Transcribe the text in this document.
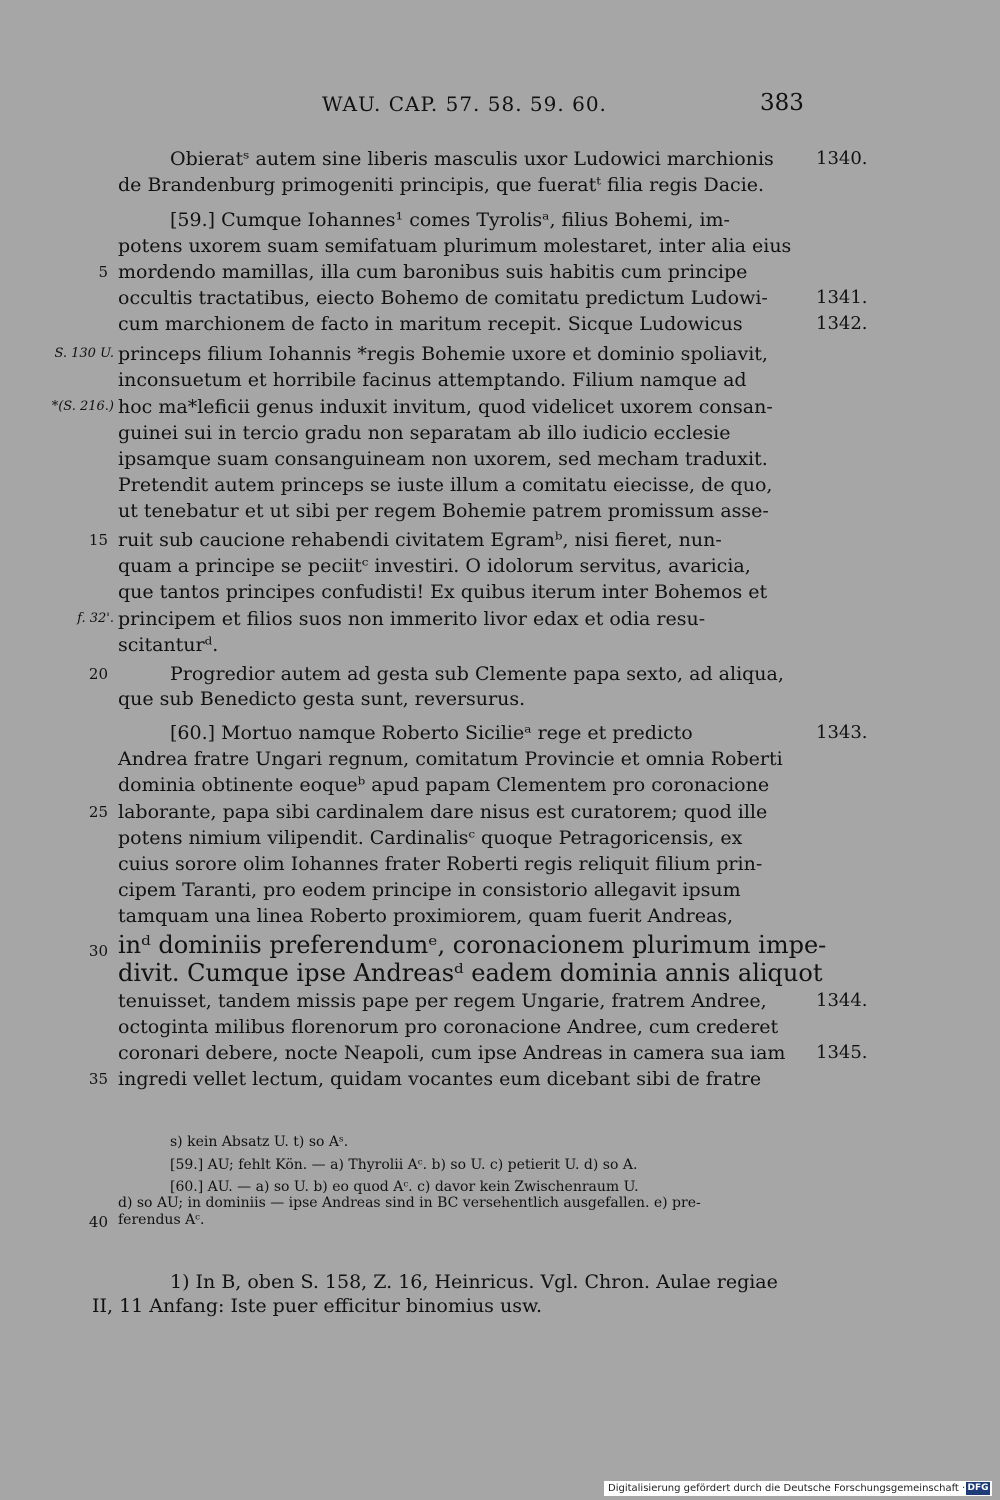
WAU. CAP. 57. 58. 59. 60.	383
Obieratˢ autem sine liberis masculis uxor Ludowici marchionis
de Brandenburg primogeniti principis, que fueratᵗ filia regis Dacie.
[59.] Cumque Iohannes¹ comes Tyrolisᵃ, filius Bohemi, im-
potens uxorem suam semifatuam plurimum molestaret, inter alia eius
mordendo mamillas, illa cum baronibus suis habitis cum principe
occultis tractatibus, eiecto Bohemo de comitatu predictum Ludowi-
cum marchionem de facto in maritum recepit. Sicque Ludowicus
princeps filium Iohannis *regis Bohemie uxore et dominio spoliavit,
inconsuetum et horribile facinus attemptando. Filium namque ad
hoc ma*leficii genus induxit invitum, quod videlicet uxorem consan-
guinei sui in tercio gradu non separatam ab illo iudicio ecclesie
ipsamque suam consanguineam non uxorem, sed mecham traduxit.
Pretendit autem princeps se iuste illum a comitatu eiecisse, de quo,
ut tenebatur et ut sibi per regem Bohemie patrem promissum asse-
ruit sub caucione rehabendi civitatem Egramᵇ, nisi fieret, nun-
quam a principe se peciitᶜ investiri. O idolorum servitus, avaricia,
que tantos principes confudisti! Ex quibus iterum inter Bohemos et
principem et filios suos non immerito livor edax et odia resu-
scitanturᵈ.
Progredior autem ad gesta sub Clemente papa sexto, ad aliqua,
que sub Benedicto gesta sunt, reversurus.
[60.] Mortuo namque Roberto Sicilieᵃ rege et predicto
Andrea fratre Ungari regnum, comitatum Provincie et omnia Roberti
dominia obtinente eoqueᵇ apud papam Clementem pro coronacione
laborante, papa sibi cardinalem dare nisus est curatorem; quod ille
potens nimium vilipendit. Cardinalisᶜ quoque Petragoricensis, ex
cuius sorore olim Iohannes frater Roberti regis reliquit filium prin-
cipem Taranti, pro eodem principe in consistorio allegavit ipsum
tamquam una linea Roberto proximiorem, quam fuerit Andreas,
inᵈ dominiis preferendumᵉ, coronacionem plurimum impe-
divit. Cumque ipse Andreasᵈ eadem dominia annis aliquot
tenuisset, tandem missis pape per regem Ungarie, fratrem Andree,
octoginta milibus florenorum pro coronacione Andree, cum crederet
coronari debere, nocte Neapoli, cum ipse Andreas in camera sua iam
ingredi vellet lectum, quidam vocantes eum dicebant sibi de fratre
5
15
f. 32'.
20
25
30
35
40
S. 130 U.
*(S. 216.)
1340.
1341.
1342.
1343.
1344.
1345.
s) kein Absatz U. t) so Aˢ.
[59.] AU; fehlt Kön. — a) Thyrolii Aᶜ. b) so U. c) petierit U. d) so A.
[60.] AU. — a) so U. b) eo quod Aᶜ. c) davor kein Zwischenraum U.
d) so AU; in dominiis — ipse Andreas sind in BC versehentlich ausgefallen. e) pre-
ferendus Aᶜ.
1) In B, oben S. 158, Z. 16, Heinricus. Vgl. Chron. Aulae regiae
II, 11 Anfang: Iste puer efficitur binomius usw.
Digitalisierung gefördert durch die Deutsche Forschungsgemeinschaft · DFG
